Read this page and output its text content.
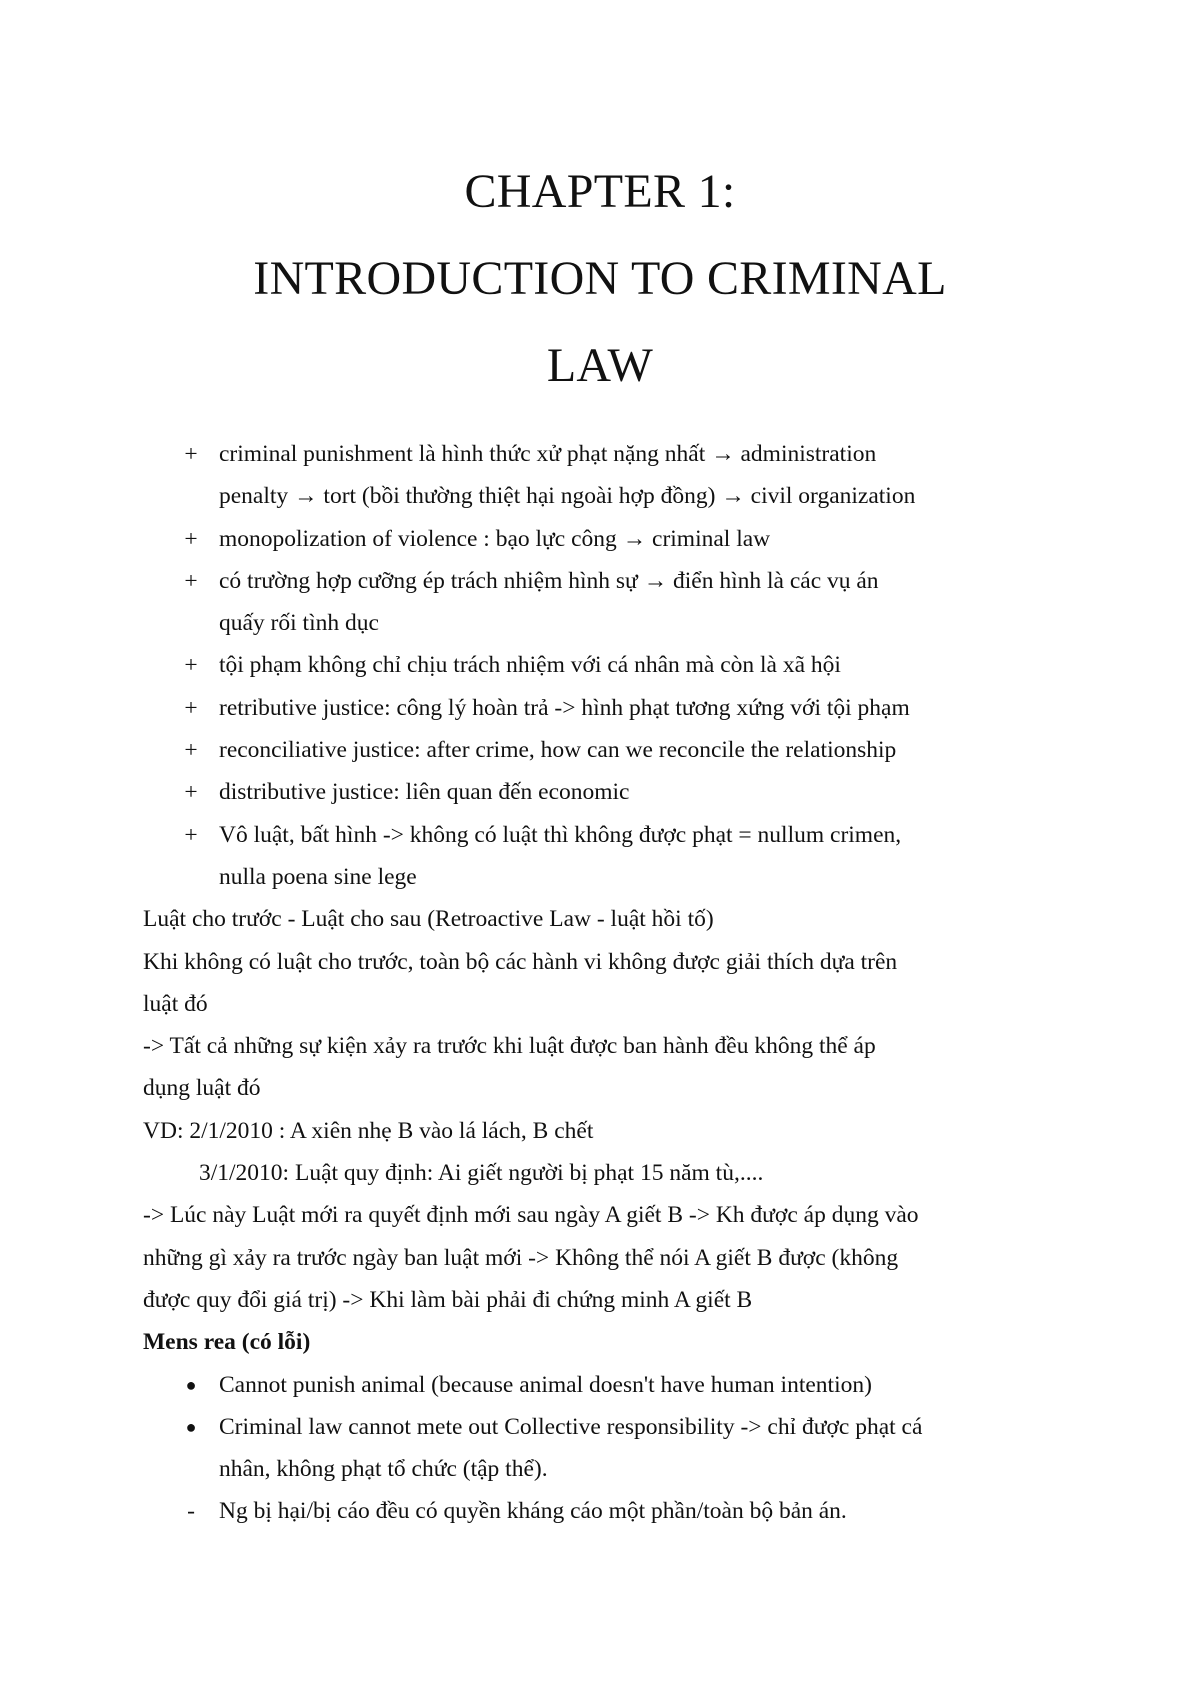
CHAPTER 1:
INTRODUCTION TO CRIMINAL
LAW
+ criminal punishment là hình thức xử phạt nặng nhất → administration
penalty → tort (bồi thường thiệt hại ngoài hợp đồng) → civil organization
+ monopolization of violence : bạo lực công → criminal law
+ có trường hợp cưỡng ép trách nhiệm hình sự → điển hình là các vụ án
quấy rối tình dục
+ tội phạm không chỉ chịu trách nhiệm với cá nhân mà còn là xã hội
+ retributive justice: công lý hoàn trả -> hình phạt tương xứng với tội phạm
+ reconciliative justice: after crime, how can we reconcile the relationship
+ distributive justice: liên quan đến economic
+ Vô luật, bất hình -> không có luật thì không được phạt = nullum crimen,
nulla poena sine lege
Luật cho trước - Luật cho sau (Retroactive Law - luật hồi tố)
Khi không có luật cho trước, toàn bộ các hành vi không được giải thích dựa trên
luật đó
-> Tất cả những sự kiện xảy ra trước khi luật được ban hành đều không thể áp
dụng luật đó
VD: 2/1/2010 : A xiên nhẹ B vào lá lách, B chết
3/1/2010: Luật quy định: Ai giết người bị phạt 15 năm tù,....
-> Lúc này Luật mới ra quyết định mới sau ngày A giết B -> Kh được áp dụng vào
những gì xảy ra trước ngày ban luật mới -> Không thể nói A giết B được (không
được quy đổi giá trị) -> Khi làm bài phải đi chứng minh A giết B
Mens rea (có lỗi)
● Cannot punish animal (because animal doesn't have human intention)
● Criminal law cannot mete out Collective responsibility -> chỉ được phạt cá
nhân, không phạt tổ chức (tập thể).
- Ng bị hại/bị cáo đều có quyền kháng cáo một phần/toàn bộ bản án.
